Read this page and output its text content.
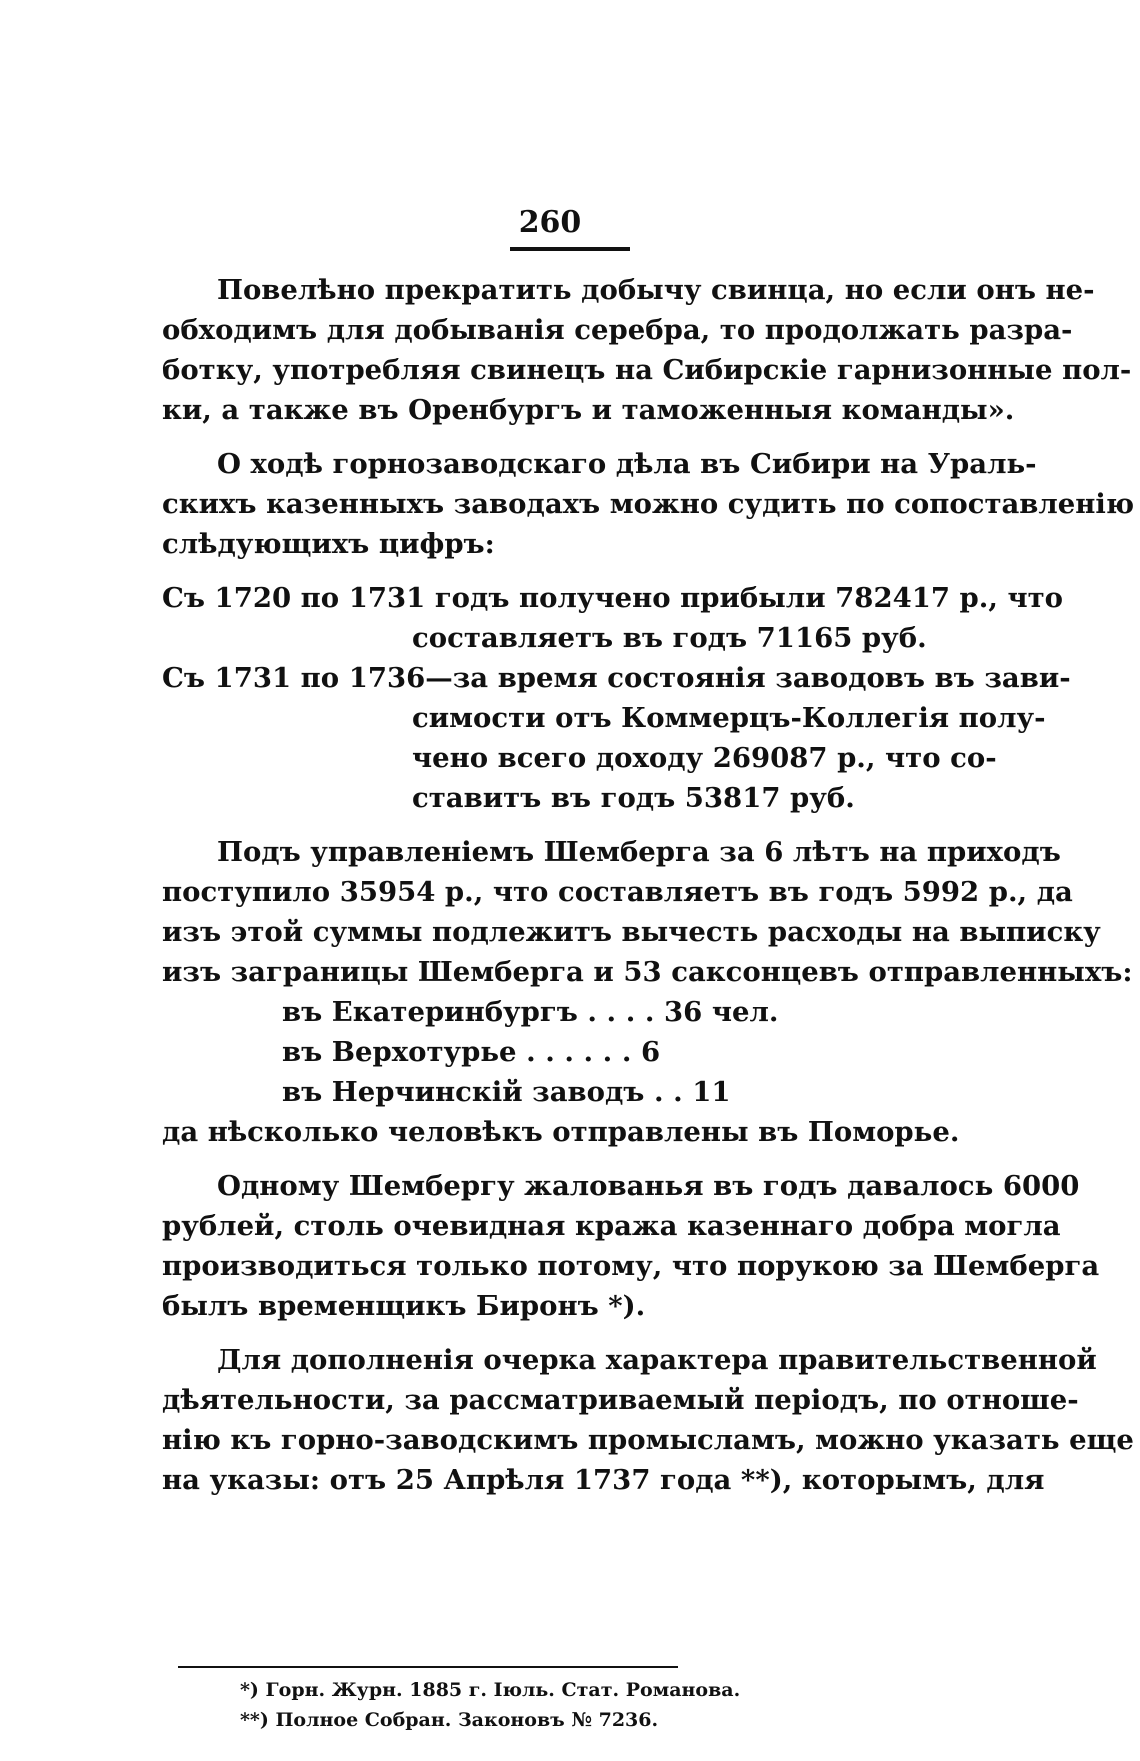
260
Повелѣно прекратить добычу свинца, но если онъ не-
обходимъ для добыванія серебра, то продолжать разра-
ботку, употребляя свинецъ на Сибирскіе гарнизонные пол-
ки, а также въ Оренбургъ и таможенныя команды».
О ходѣ горнозаводскаго дѣла въ Сибири на Ураль-
скихъ казенныхъ заводахъ можно судить по сопоставленію
слѣдующихъ цифръ:
Съ 1720 по 1731 годъ получено прибыли 782417 р., что
составляетъ въ годъ 71165 руб.
Съ 1731 по 1736—за время состоянія заводовъ въ зави-
симости отъ Коммерцъ-Коллегія полу-
чено всего доходу 269087 р., что со-
ставитъ въ годъ 53817 руб.
Подъ управленіемъ Шемберга за 6 лѣтъ на приходъ
поступило 35954 р., что составляетъ въ годъ 5992 р., да
изъ этой суммы подлежитъ вычесть расходы на выписку
изъ заграницы Шемберга и 53 саксонцевъ отправленныхъ:
въ Екатеринбургъ . . . . 36 чел.
въ Верхотурье . . . . . . 6
въ Нерчинскій заводъ . . 11
да нѣсколько человѣкъ отправлены въ Поморье.
Одному Шембергу жалованья въ годъ давалось 6000
рублей, столь очевидная кража казеннаго добра могла
производиться только потому, что порукою за Шемберга
былъ временщикъ Биронъ *).
Для дополненія очерка характера правительственной
дѣятельности, за рассматриваемый періодъ, по отноше-
нію къ горно-заводскимъ промысламъ, можно указать еще
на указы: отъ 25 Апрѣля 1737 года **), которымъ, для
*) Горн. Журн. 1885 г. Іюль. Стат. Романова.
**) Полное Собран. Законовъ № 7236.
